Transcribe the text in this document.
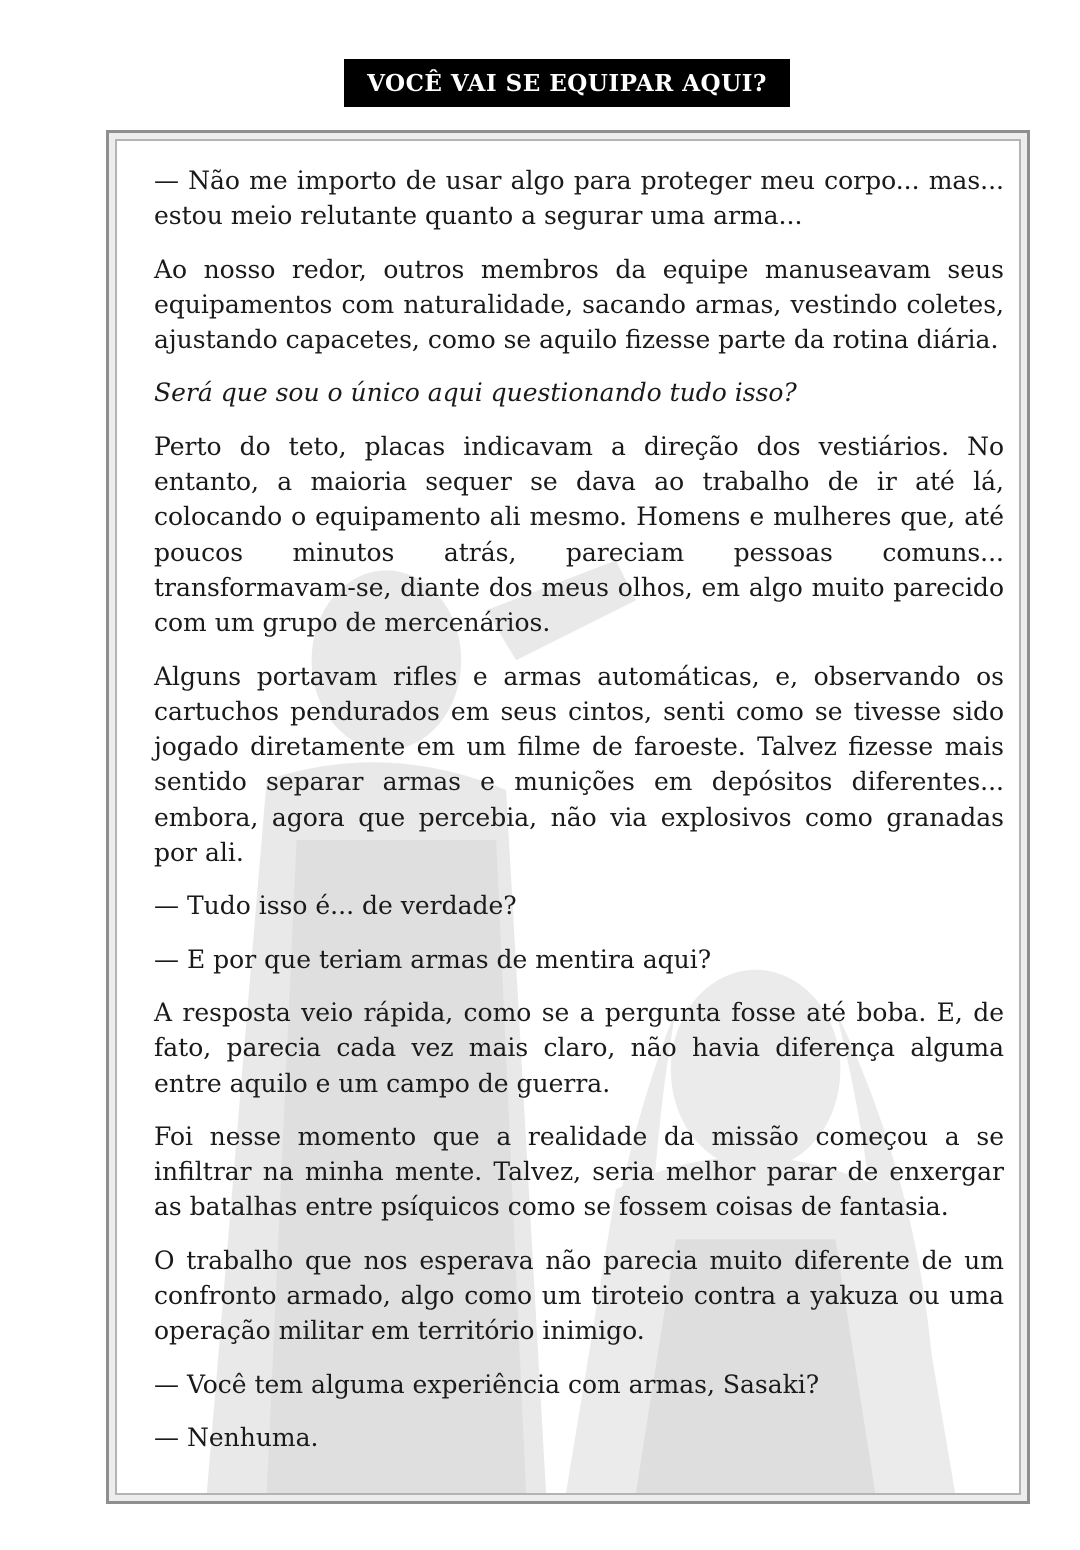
VOCÊ VAI SE EQUIPAR AQUI?

— Não me importo de usar algo para proteger meu corpo... mas... estou meio relutante quanto a segurar uma arma...

Ao nosso redor, outros membros da equipe manuseavam seus equipamentos com naturalidade, sacando armas, vestindo coletes, ajustando capacetes, como se aquilo fizesse parte da rotina diária.

Será que sou o único aqui questionando tudo isso?

Perto do teto, placas indicavam a direção dos vestiários. No entanto, a maioria sequer se dava ao trabalho de ir até lá, colocando o equipamento ali mesmo. Homens e mulheres que, até poucos minutos atrás, pareciam pessoas comuns... transformavam-se, diante dos meus olhos, em algo muito parecido com um grupo de mercenários.

Alguns portavam rifles e armas automáticas, e, observando os cartuchos pendurados em seus cintos, senti como se tivesse sido jogado diretamente em um filme de faroeste. Talvez fizesse mais sentido separar armas e munições em depósitos diferentes... embora, agora que percebia, não via explosivos como granadas por ali.

— Tudo isso é... de verdade?

— E por que teriam armas de mentira aqui?

A resposta veio rápida, como se a pergunta fosse até boba. E, de fato, parecia cada vez mais claro, não havia diferença alguma entre aquilo e um campo de guerra.

Foi nesse momento que a realidade da missão começou a se infiltrar na minha mente. Talvez, seria melhor parar de enxergar as batalhas entre psíquicos como se fossem coisas de fantasia.

O trabalho que nos esperava não parecia muito diferente de um confronto armado, algo como um tiroteio contra a yakuza ou uma operação militar em território inimigo.

— Você tem alguma experiência com armas, Sasaki?

— Nenhuma.
